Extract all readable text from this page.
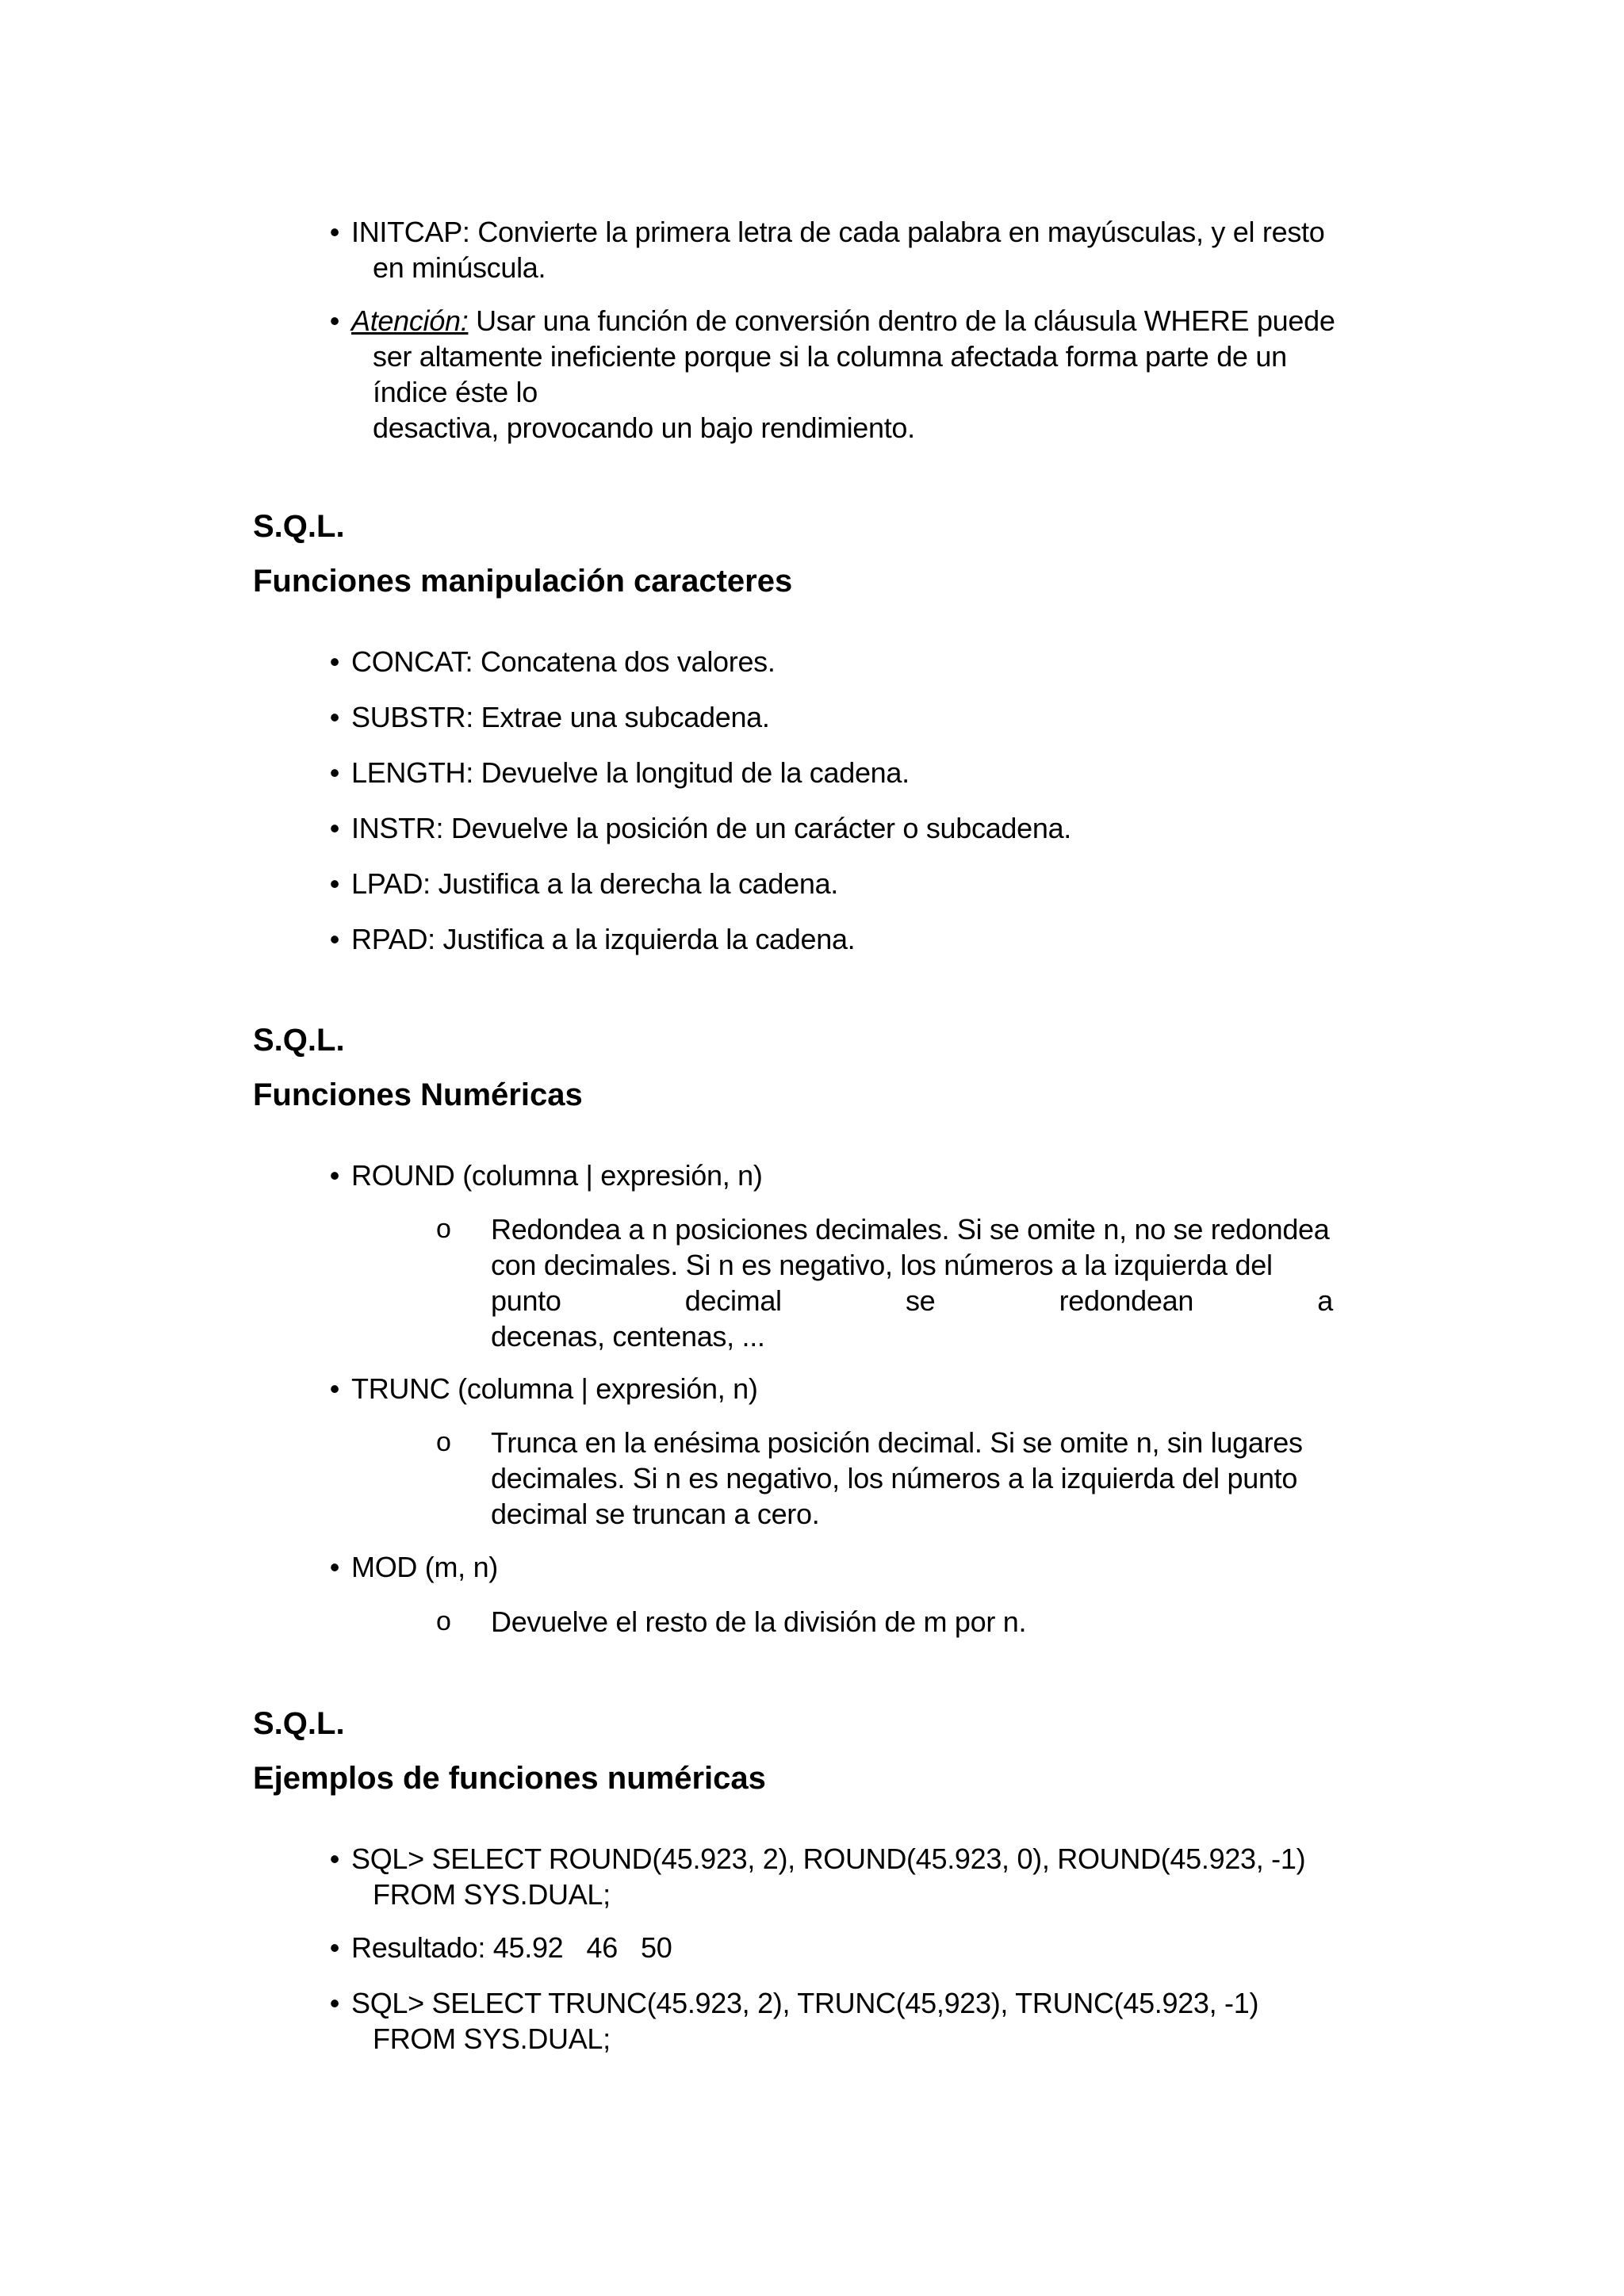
• INITCAP: Convierte la primera letra de cada palabra en mayúsculas, y el resto
en minúscula.
• Atención: Usar una función de conversión dentro de la cláusula WHERE puede
ser altamente ineficiente porque si la columna afectada forma parte de un
índice éste lo
desactiva, provocando un bajo rendimiento.
S.Q.L.
Funciones manipulación caracteres
• CONCAT: Concatena dos valores.
• SUBSTR: Extrae una subcadena.
• LENGTH: Devuelve la longitud de la cadena.
• INSTR: Devuelve la posición de un carácter o subcadena.
• LPAD: Justifica a la derecha la cadena.
• RPAD: Justifica a la izquierda la cadena.
S.Q.L.
Funciones Numéricas
• ROUND (columna | expresión, n)
o	Redondea a n posiciones decimales. Si se omite n, no se redondea
con decimales. Si n es negativo, los números a la izquierda del
punto	decimal	se	redondean	a
decenas, centenas, ...
• TRUNC (columna | expresión, n)
o	Trunca en la enésima posición decimal. Si se omite n, sin lugares
decimales. Si n es negativo, los números a la izquierda del punto
decimal se truncan a cero.
• MOD (m, n)
o	Devuelve el resto de la división de m por n.
S.Q.L.
Ejemplos de funciones numéricas
• SQL> SELECT ROUND(45.923, 2), ROUND(45.923, 0), ROUND(45.923, -1)
FROM SYS.DUAL;
• Resultado: 45.92   46   50
• SQL> SELECT TRUNC(45.923, 2), TRUNC(45,923), TRUNC(45.923, -1)
FROM SYS.DUAL;
